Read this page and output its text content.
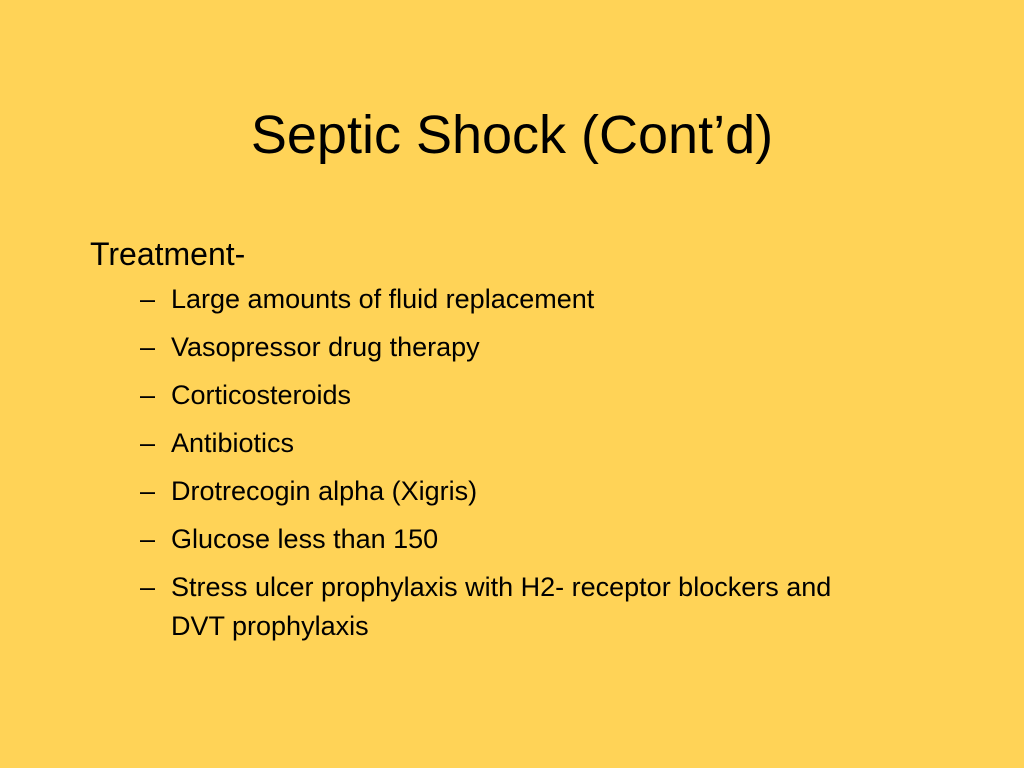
Septic Shock (Cont’d)
Treatment-
– Large amounts of fluid replacement
– Vasopressor drug therapy
– Corticosteroids
– Antibiotics
– Drotrecogin alpha (Xigris)
– Glucose less than 150
– Stress ulcer prophylaxis with H2- receptor blockers and DVT prophylaxis
